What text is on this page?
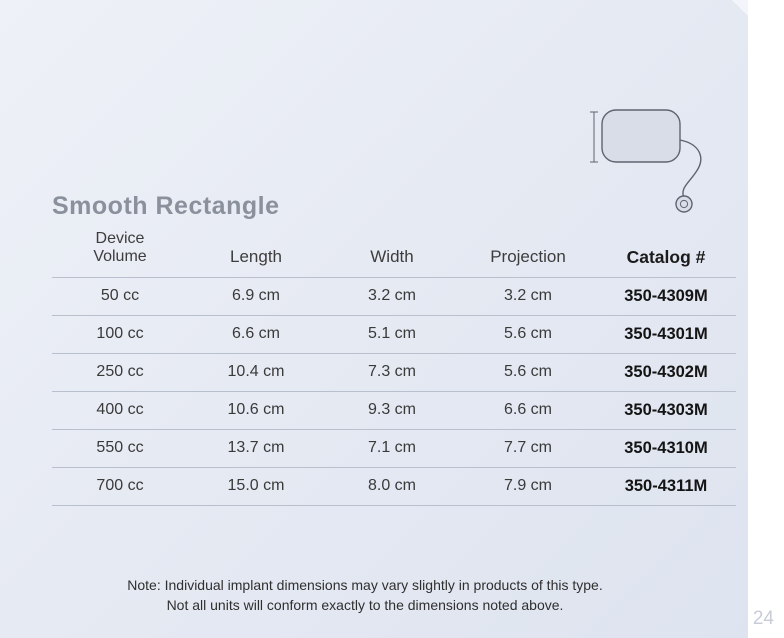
Smooth Rectangle
Device
Volume	Length	Width	Projection	Catalog #
50 cc	6.9 cm	3.2 cm	3.2 cm	350-4309M
100 cc	6.6 cm	5.1 cm	5.6 cm	350-4301M
250 cc	10.4 cm	7.3 cm	5.6 cm	350-4302M
400 cc	10.6 cm	9.3 cm	6.6 cm	350-4303M
550 cc	13.7 cm	7.1 cm	7.7 cm	350-4310M
700 cc	15.0 cm	8.0 cm	7.9 cm	350-4311M
Note: Individual implant dimensions may vary slightly in products of this type.
Not all units will conform exactly to the dimensions noted above.
24
